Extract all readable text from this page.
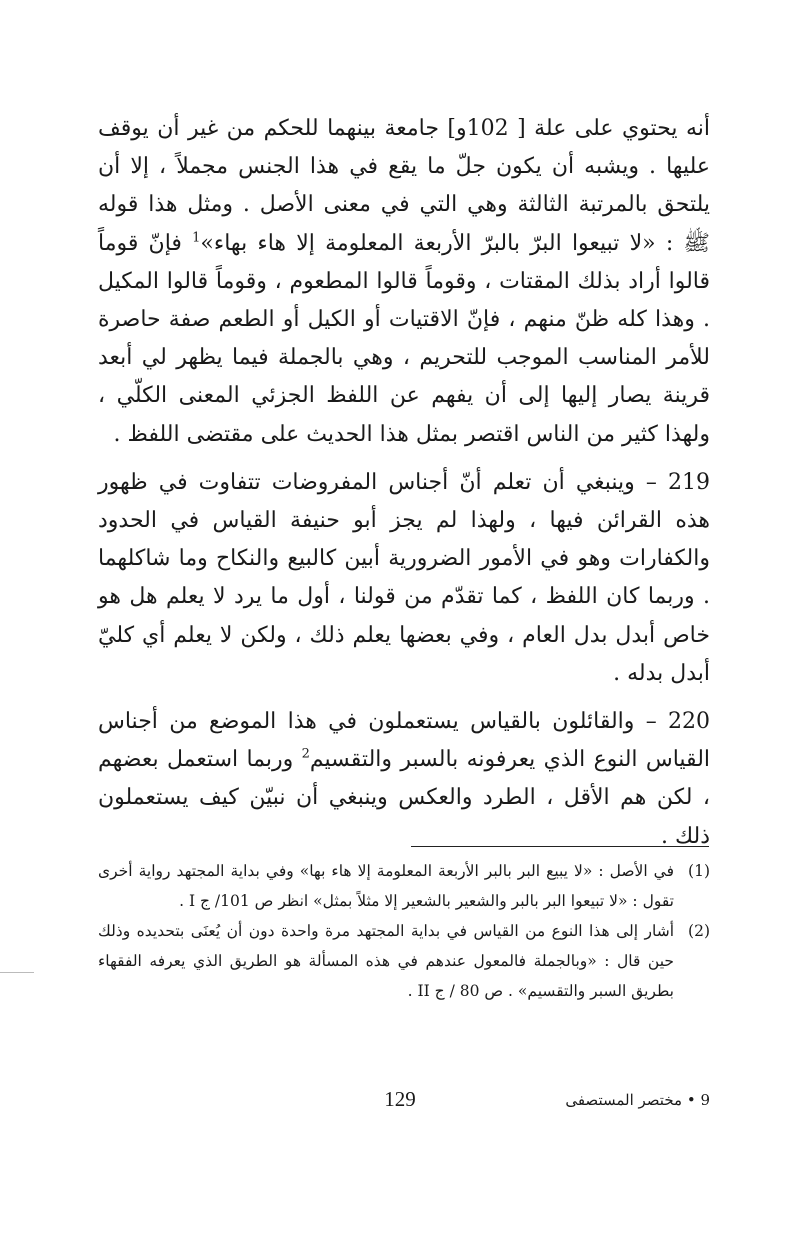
أنه يحتوي على علة [ 102و] جامعة بينهما للحكم من غير أن يوقف عليها . ويشبه أن يكون جلّ ما يقع في هذا الجنس مجملاً ، إلا أن يلتحق بالمرتبة الثالثة وهي التي في معنى الأصل . ومثل هذا قوله ﷺ : «لا تبيعوا البرّ بالبرّ الأربعة المعلومة إلا هاء بهاء»$^1$ فإنّ قوماً قالوا أراد بذلك المقتات ، وقوماً قالوا المطعوم ، وقوماً قالوا المكيل . وهذا كله ظنّ منهم ، فإنّ الاقتيات أو الكيل أو الطعم صفة حاصرة للأمر المناسب الموجب للتحريم ، وهي بالجملة فيما يظهر لي أبعد قرينة يصار إليها إلى أن يفهم عن اللفظ الجزئي المعنى الكلّي ، ولهذا كثير من الناس اقتصر بمثل هذا الحديث على مقتضى اللفظ .

219 – وينبغي أن تعلم أنّ أجناس المفروضات تتفاوت في ظهور هذه القرائن فيها ، ولهذا لم يجز أبو حنيفة القياس في الحدود والكفارات وهو في الأمور الضرورية أبين كالبيع والنكاح وما شاكلهما . وربما كان اللفظ ، كما تقدّم من قولنا ، أول ما يرد لا يعلم هل هو خاص أبدل بدل العام ، وفي بعضها يعلم ذلك ، ولكن لا يعلم أي كليّ أبدل بدله .

220 – والقائلون بالقياس يستعملون في هذا الموضع من أجناس القياس النوع الذي يعرفونه بالسبر والتقسيم$^2$ وربما استعمل بعضهم ، لكن هم الأقل ، الطرد والعكس وينبغي أن نبيّن كيف يستعملون ذلك .

(1)
في الأصل : «لا يبيع البر بالبر الأربعة المعلومة إلا هاء بها» وفي بداية المجتهد رواية أخرى تقول : «لا تبيعوا البر بالبر والشعير بالشعير إلا مثلاً بمثل» انظر ص 101/ ج I .

(2)
أشار إلى هذا النوع من القياس في بداية المجتهد مرة واحدة دون أن يُعنَى بتحديده وذلك حين قال : «وبالجملة فالمعول عندهم في هذه المسألة هو الطريق الذي يعرفه الفقهاء بطريق السبر والتقسيم» . ص 80 / ج II .

129	9 • مختصر المستصفى
